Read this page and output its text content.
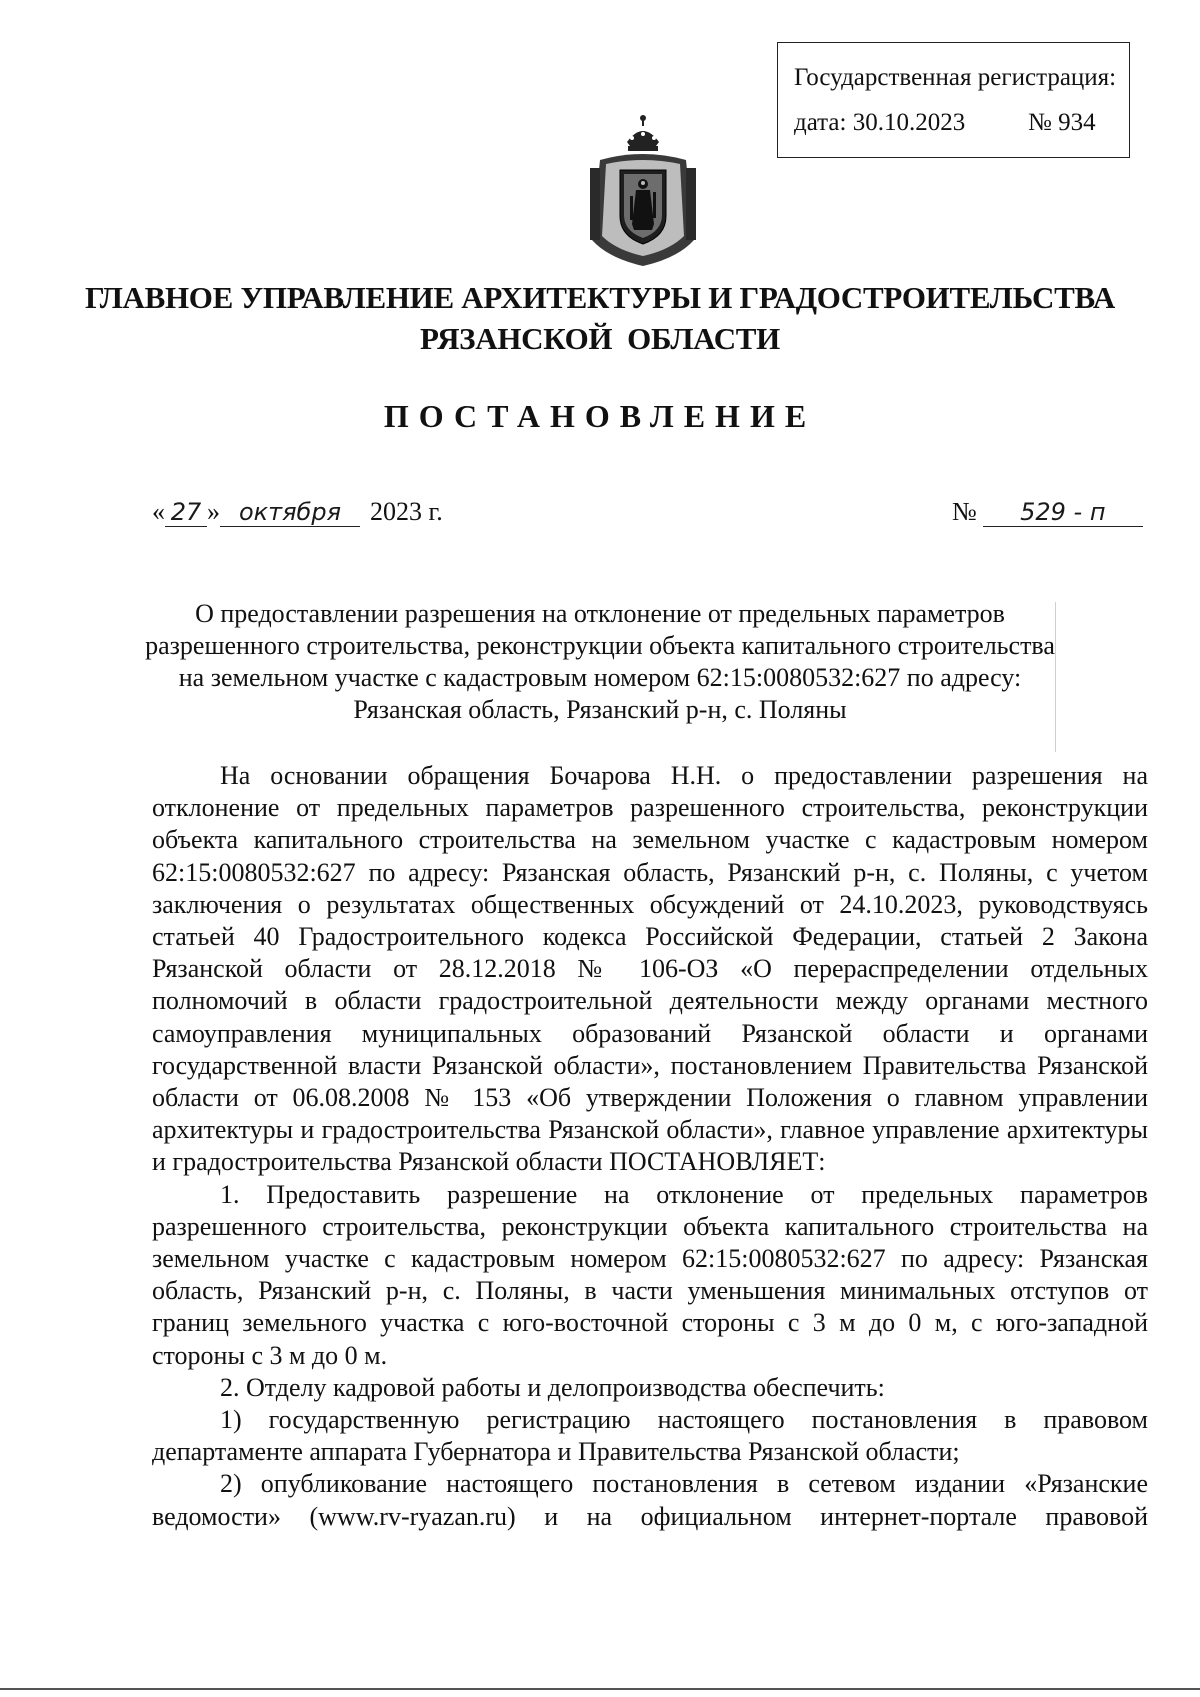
Государственная регистрация:
дата: 30.10.2023	№ 934
ГЛАВНОЕ УПРАВЛЕНИЕ АРХИТЕКТУРЫ И ГРАДОСТРОИТЕЛЬСТВА
РЯЗАНСКОЙ  ОБЛАСТИ
ПОСТАНОВЛЕНИЕ
« 27 » октября 2023 г.	№ 529 - п
О предоставлении разрешения на отклонение от предельных параметров
разрешенного строительства, реконструкции объекта капитального строительства
на земельном участке с кадастровым номером 62:15:0080532:627 по адресу:
Рязанская область, Рязанский р-н, с. Поляны

На основании обращения Бочарова Н.Н. о предоставлении разрешения на отклонение от предельных параметров разрешенного строительства, реконструкции объекта капитального строительства на земельном участке с кадастровым номером 62:15:0080532:627 по адресу: Рязанская область, Рязанский р-н, с. Поляны, с учетом заключения о результатах общественных обсуждений от 24.10.2023, руководствуясь статьей 40 Градостроительного кодекса Российской Федерации, статьей 2 Закона Рязанской области от 28.12.2018 № 106-ОЗ «О перераспределении отдельных полномочий в области градостроительной деятельности между органами местного самоуправления муниципальных образований Рязанской области и органами государственной власти Рязанской области», постановлением Правительства Рязанской области от 06.08.2008 № 153 «Об утверждении Положения о главном управлении архитектуры и градостроительства Рязанской области», главное управление архитектуры и градостроительства Рязанской области ПОСТАНОВЛЯЕТ:

1. Предоставить разрешение на отклонение от предельных параметров разрешенного строительства, реконструкции объекта капитального строительства на земельном участке с кадастровым номером 62:15:0080532:627 по адресу: Рязанская область, Рязанский р-н, с. Поляны, в части уменьшения минимальных отступов от границ земельного участка с юго-восточной стороны с 3 м до 0 м, с юго-западной стороны с 3 м до 0 м.

2. Отделу кадровой работы и делопроизводства обеспечить:

1) государственную регистрацию настоящего постановления в правовом департаменте аппарата Губернатора и Правительства Рязанской области;

2) опубликование настоящего постановления в сетевом издании «Рязанские ведомости» (www.rv-ryazan.ru) и на официальном интернет-портале правовой
